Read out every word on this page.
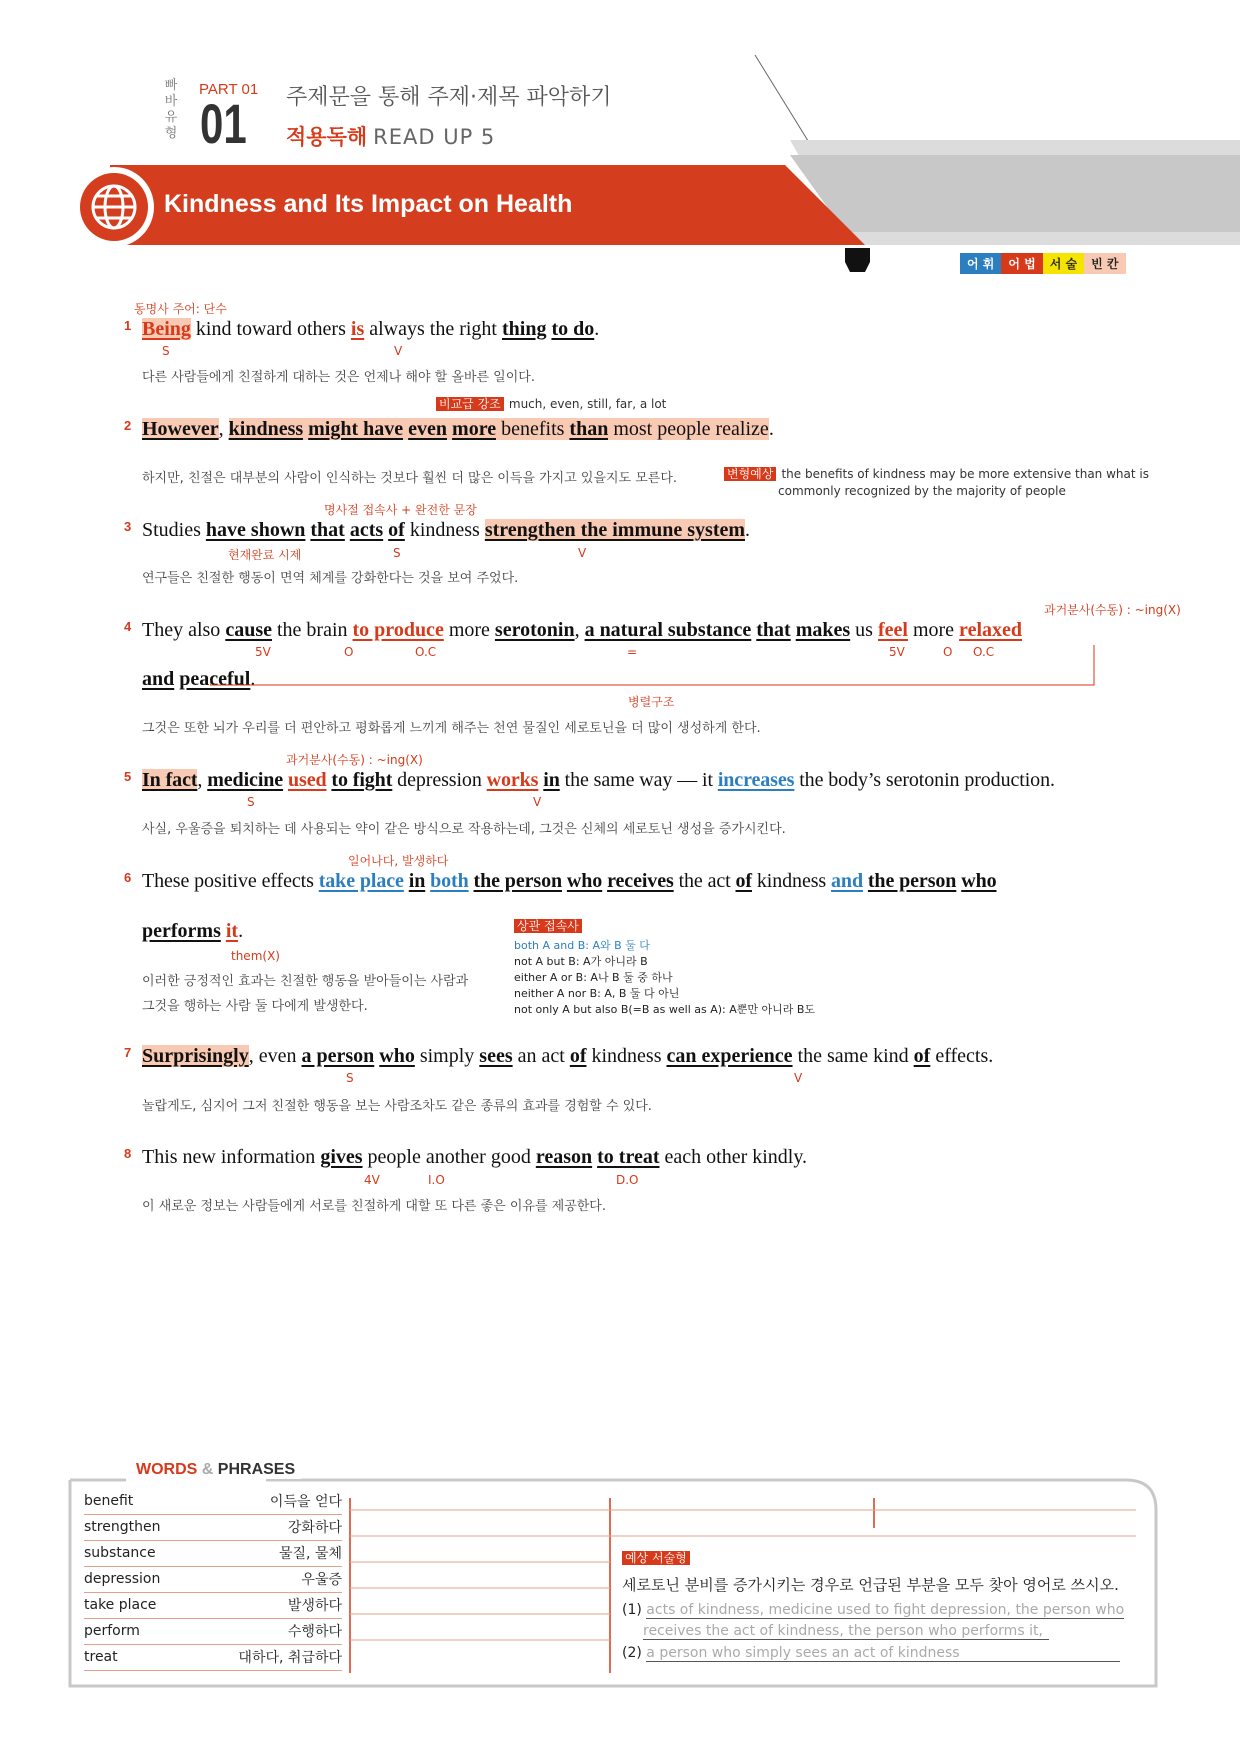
빠바유형
PART 01
01 주제문을 통해 주제·제목 파악하기
적용독해 READ UP 5
Kindness and Its Impact on Health
어 휘	어 법	서 술	빈 칸
동명사 주어: 단수
1 Being kind toward others is always the right thing to do.
S	V
다른 사람들에게 친절하게 대하는 것은 언제나 해야 할 올바른 일이다.
비교급 강조 much, even, still, far, a lot
2 However, kindness might have even more benefits than most people realize.
하지만, 친절은 대부분의 사람이 인식하는 것보다 훨씬 더 많은 이득을 가지고 있을지도 모른다.	변형예상 the benefits of kindness may be more extensive than what is
commonly recognized by the majority of people
명사절 접속사 + 완전한 문장
3 Studies have shown that acts of kindness strengthen the immune system.
현재완료 시제	S	V
연구들은 친절한 행동이 면역 체계를 강화한다는 것을 보여 주었다.
과거분사(수동) : ~ing(X)
4 They also cause the brain to produce more serotonin, a natural substance that makes us feel more relaxed
5V	O	O.C	=	5V	O O.C
and peaceful.
병렬구조
그것은 또한 뇌가 우리를 더 편안하고 평화롭게 느끼게 해주는 천연 물질인 세로토닌을 더 많이 생성하게 한다.
과거분사(수동) : ~ing(X)
5 In fact, medicine used to fight depression works in the same way — it increases the body’s serotonin production.
S	V
사실, 우울증을 퇴치하는 데 사용되는 약이 같은 방식으로 작용하는데, 그것은 신체의 세로토닌 생성을 증가시킨다.
일어나다, 발생하다
6 These positive effects take place in both the person who receives the act of kindness and the person who
performs it.
them(X)
이러한 긍정적인 효과는 친절한 행동을 받아들이는 사람과
그것을 행하는 사람 둘 다에게 발생한다.
상관 접속사
both A and B: A와 B 둘 다
not A but B: A가 아니라 B
either A or B: A나 B 둘 중 하나
neither A nor B: A, B 둘 다 아닌
not only A but also B(=B as well as A): A뿐만 아니라 B도
7 Surprisingly, even a person who simply sees an act of kindness can experience the same kind of effects.
S	V
놀랍게도, 심지어 그저 친절한 행동을 보는 사람조차도 같은 종류의 효과를 경험할 수 있다.
8 This new information gives people another good reason to treat each other kindly.
4V	I.O	D.O
이 새로운 정보는 사람들에게 서로를 친절하게 대할 또 다른 좋은 이유를 제공한다.
WORDS & PHRASES
benefit	이득을 얻다
strengthen	강화하다
substance	물질, 물체
depression	우울증
take place	발생하다
perform	수행하다
treat	대하다, 취급하다
예상 서술형
세로토닌 분비를 증가시키는 경우로 언급된 부분을 모두 찾아 영어로 쓰시오.
(1) acts of kindness, medicine used to fight depression, the person who
receives the act of kindness, the person who performs it,
(2) a person who simply sees an act of kindness
